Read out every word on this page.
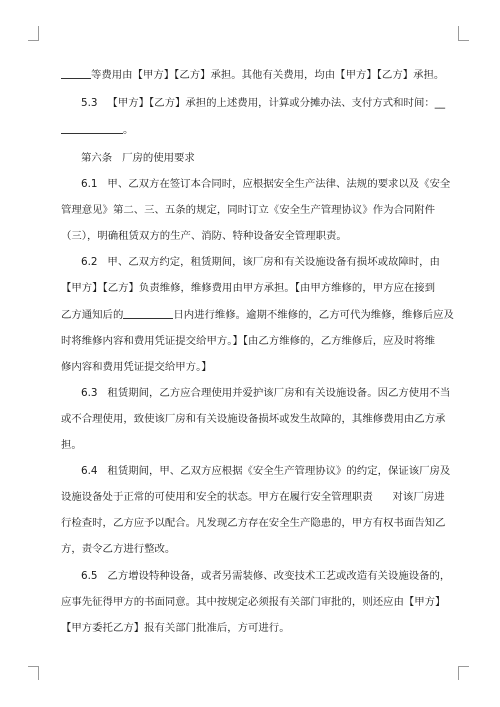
等费用由【甲方】【乙方】承担。其他有关费用，均由【甲方】【乙方】承担。
5.3   【甲方】【乙方】承担的上述费用，计算或分摊办法、支付方式和时间：__
。
第六条   厂房的使用要求
6.1   甲、乙双方在签订本合同时，应根据安全生产法律、法规的要求以及《安全
管理意见》第二、三、五条的规定，同时订立《安全生产管理协议》作为合同附件
（三），明确租赁双方的生产、消防、特种设备安全管理职责。
6.2   甲、乙双方约定，租赁期间，该厂房和有关设施设备有损坏或故障时，由
【甲方】【乙方】负责维修，维修费用由甲方承担。【由甲方维修的，甲方应在接到
乙方通知后的	日内进行维修。逾期不维修的，乙方可代为维修，维修后应及
时将维修内容和费用凭证提交给甲方。】【由乙方维修的，乙方维修后，应及时将维
修内容和费用凭证提交给甲方。】
6.3   租赁期间，乙方应合理使用并爱护该厂房和有关设施设备。因乙方使用不当
或不合理使用，致使该厂房和有关设施设备损坏或发生故障的，其维修费用由乙方承
担。
6.4   租赁期间，甲、乙双方应根据《安全生产管理协议》的约定，保证该厂房及
设施设备处于正常的可使用和安全的状态。甲方在履行安全管理职责      对该厂房进
行检查时，乙方应予以配合。凡发现乙方存在安全生产隐患的，甲方有权书面告知乙
方，责令乙方进行整改。
6.5   乙方增设特种设备，或者另需装修、改变技术工艺或改造有关设施设备的，
应事先征得甲方的书面同意。其中按规定必须报有关部门审批的，则还应由【甲方】
【甲方委托乙方】报有关部门批准后，方可进行。
